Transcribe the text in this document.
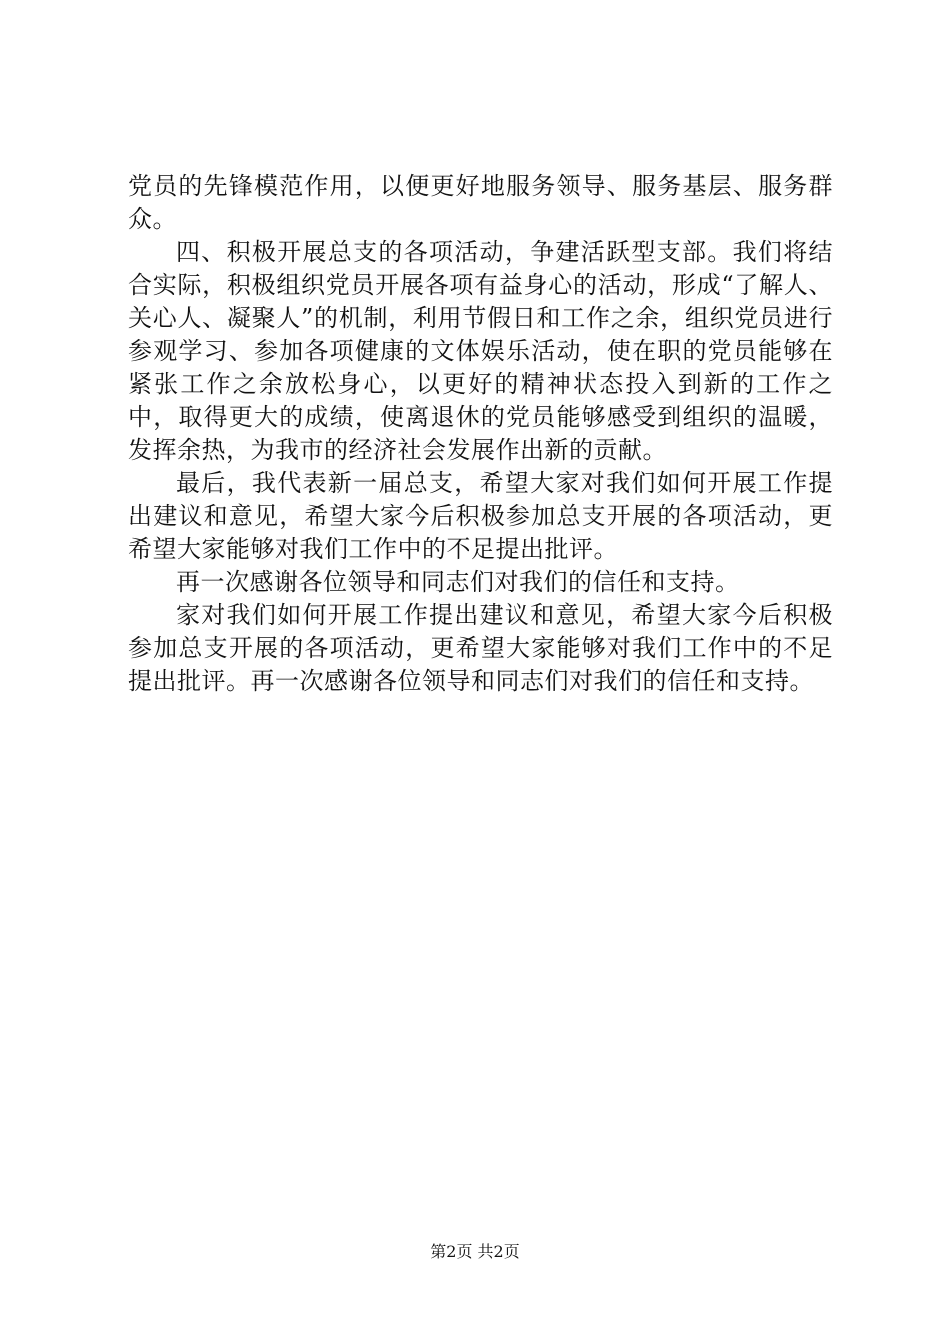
党员的先锋模范作用，以便更好地服务领导、服务基层、服务群众。

四、积极开展总支的各项活动，争建活跃型支部。我们将结合实际，积极组织党员开展各项有益身心的活动，形成“了解人、关心人、凝聚人”的机制，利用节假日和工作之余，组织党员进行参观学习、参加各项健康的文体娱乐活动，使在职的党员能够在紧张工作之余放松身心，以更好的精神状态投入到新的工作之中，取得更大的成绩，使离退休的党员能够感受到组织的温暖，发挥余热，为我市的经济社会发展作出新的贡献。

最后，我代表新一届总支，希望大家对我们如何开展工作提出建议和意见，希望大家今后积极参加总支开展的各项活动，更希望大家能够对我们工作中的不足提出批评。

再一次感谢各位领导和同志们对我们的信任和支持。

家对我们如何开展工作提出建议和意见，希望大家今后积极参加总支开展的各项活动，更希望大家能够对我们工作中的不足提出批评。再一次感谢各位领导和同志们对我们的信任和支持。

第2页 共2页
